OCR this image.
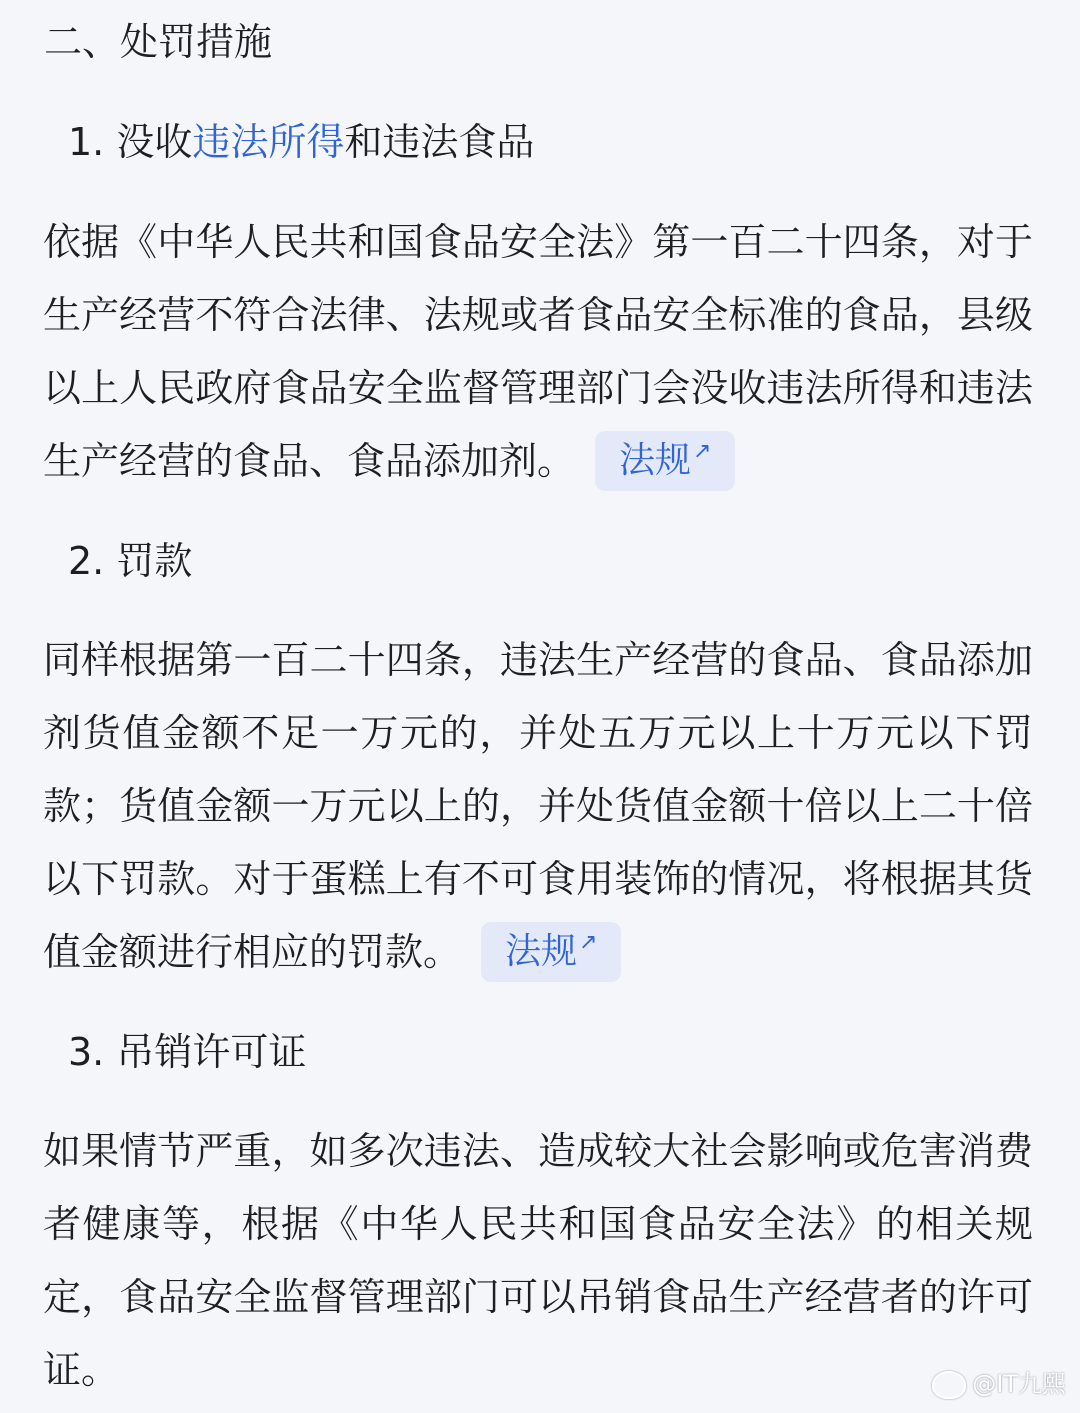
二、处罚措施
1. 没收违法所得和违法食品

依据《中华人民共和国食品安全法》第一百二十四条，对于生产经营不符合法律、法规或者食品安全标准的食品，县级以上人民政府食品安全监督管理部门会没收违法所得和违法生产经营的食品、食品添加剂。 法规↗

2. 罚款

同样根据第一百二十四条，违法生产经营的食品、食品添加剂货值金额不足一万元的，并处五万元以上十万元以下罚款；货值金额一万元以上的，并处货值金额十倍以上二十倍以下罚款。对于蛋糕上有不可食用装饰的情况，将根据其货值金额进行相应的罚款。 法规↗

3. 吊销许可证

如果情节严重，如多次违法、造成较大社会影响或危害消费者健康等，根据《中华人民共和国食品安全法》的相关规定，食品安全监督管理部门可以吊销食品生产经营者的许可证。	@IT九熙
